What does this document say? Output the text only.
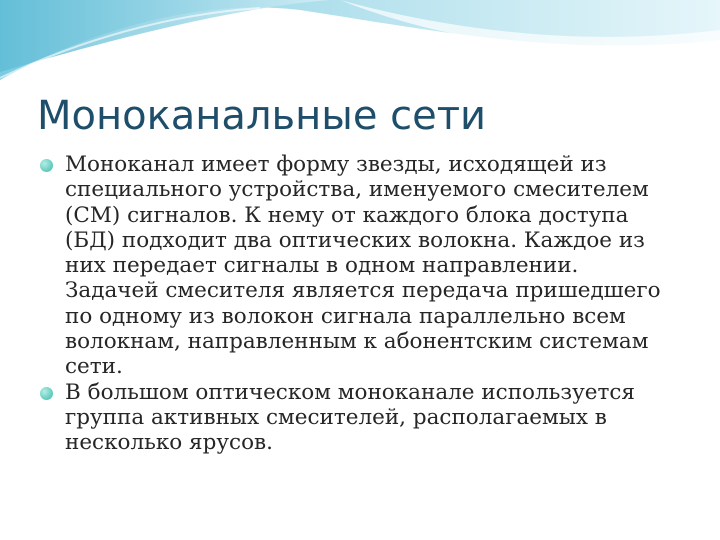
Моноканальные сети
Моноканал имеет форму звезды, исходящей из
специального устройства, именуемого смесителем
(СМ) сигналов. К нему от каждого блока доступа
(БД) подходит два оптических волокна. Каждое из
них передает сигналы в одном направлении.
Задачей смесителя является передача пришедшего
по одному из волокон сигнала параллельно всем
волокнам, направленным к абонентским системам
сети.
В большом оптическом моноканале используется
группа активных смесителей, располагаемых в
несколько ярусов.
